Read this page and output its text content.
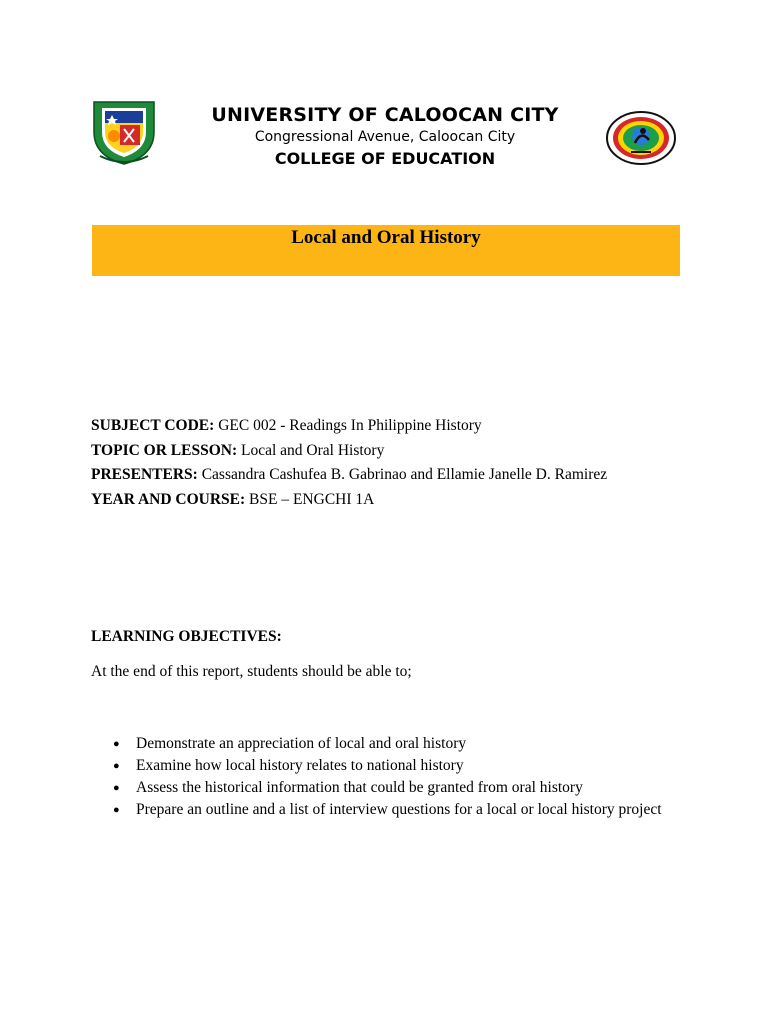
UNIVERSITY OF CALOOCAN CITY
Congressional Avenue, Caloocan City
COLLEGE OF EDUCATION
Local and Oral History
SUBJECT CODE: GEC 002 - Readings In Philippine History
TOPIC OR LESSON: Local and Oral History
PRESENTERS: Cassandra Cashufea B. Gabrinao and Ellamie Janelle D. Ramirez
YEAR AND COURSE: BSE – ENGCHI 1A
LEARNING OBJECTIVES:
At the end of this report, students should be able to;
● Demonstrate an appreciation of local and oral history
● Examine how local history relates to national history
● Assess the historical information that could be granted from oral history
● Prepare an outline and a list of interview questions for a local or local history project
